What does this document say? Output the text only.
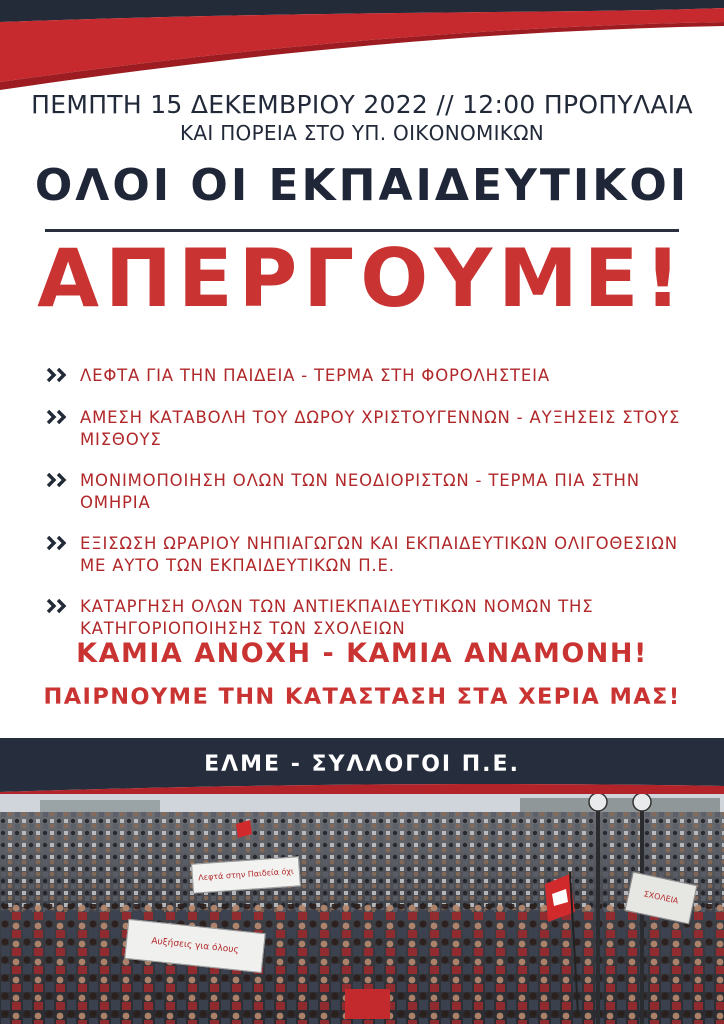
ΠΕΜΠΤΗ 15 ΔΕΚΕΜΒΡΙΟΥ 2022 // 12:00 ΠΡΟΠΥΛΑΙΑ
ΚΑΙ ΠΟΡΕΙΑ ΣΤΟ ΥΠ. ΟΙΚΟΝΟΜΙΚΩΝ
ΟΛΟΙ ΟΙ ΕΚΠΑΙΔΕΥΤΙΚΟΙ
ΑΠΕΡΓΟΥΜΕ!
ΛΕΦΤΑ ΓΙΑ ΤΗΝ ΠΑΙΔΕΙΑ - ΤΕΡΜΑ ΣΤΗ ΦΟΡΟΛΗΣΤΕΙΑ
ΑΜΕΣΗ ΚΑΤΑΒΟΛΗ ΤΟΥ ΔΩΡΟΥ ΧΡΙΣΤΟΥΓΕΝΝΩΝ - ΑΥΞΗΣΕΙΣ ΣΤΟΥΣ ΜΙΣΘΟΥΣ
ΜΟΝΙΜΟΠΟΙΗΣΗ ΟΛΩΝ ΤΩΝ ΝΕΟΔΙΟΡΙΣΤΩΝ - ΤΕΡΜΑ ΠΙΑ ΣΤΗΝ ΟΜΗΡΙΑ
ΕΞΙΣΩΣΗ ΩΡΑΡΙΟΥ ΝΗΠΙΑΓΩΓΩΝ ΚΑΙ ΕΚΠΑΙΔΕΥΤΙΚΩΝ ΟΛΙΓΟΘΕΣΙΩΝ ΜΕ ΑΥΤΟ ΤΩΝ ΕΚΠΑΙΔΕΥΤΙΚΩΝ Π.Ε.
ΚΑΤΑΡΓΗΣΗ ΟΛΩΝ ΤΩΝ ΑΝΤΙΕΚΠΑΙΔΕΥΤΙΚΩΝ ΝΟΜΩΝ ΤΗΣ ΚΑΤΗΓΟΡΙΟΠΟΙΗΣΗΣ ΤΩΝ ΣΧΟΛΕΙΩΝ
ΚΑΜΙΑ ΑΝΟΧΗ - ΚΑΜΙΑ ΑΝΑΜΟΝΗ!
ΠΑΙΡΝΟΥΜΕ ΤΗΝ ΚΑΤΑΣΤΑΣΗ ΣΤΑ ΧΕΡΙΑ ΜΑΣ!
ΕΛΜΕ - ΣΥΛΛΟΓΟΙ Π.Ε.
Λεφτά στην Παιδεία όχι
Αυξήσεις για όλους
ΣΧΟΛΕΙΑ
